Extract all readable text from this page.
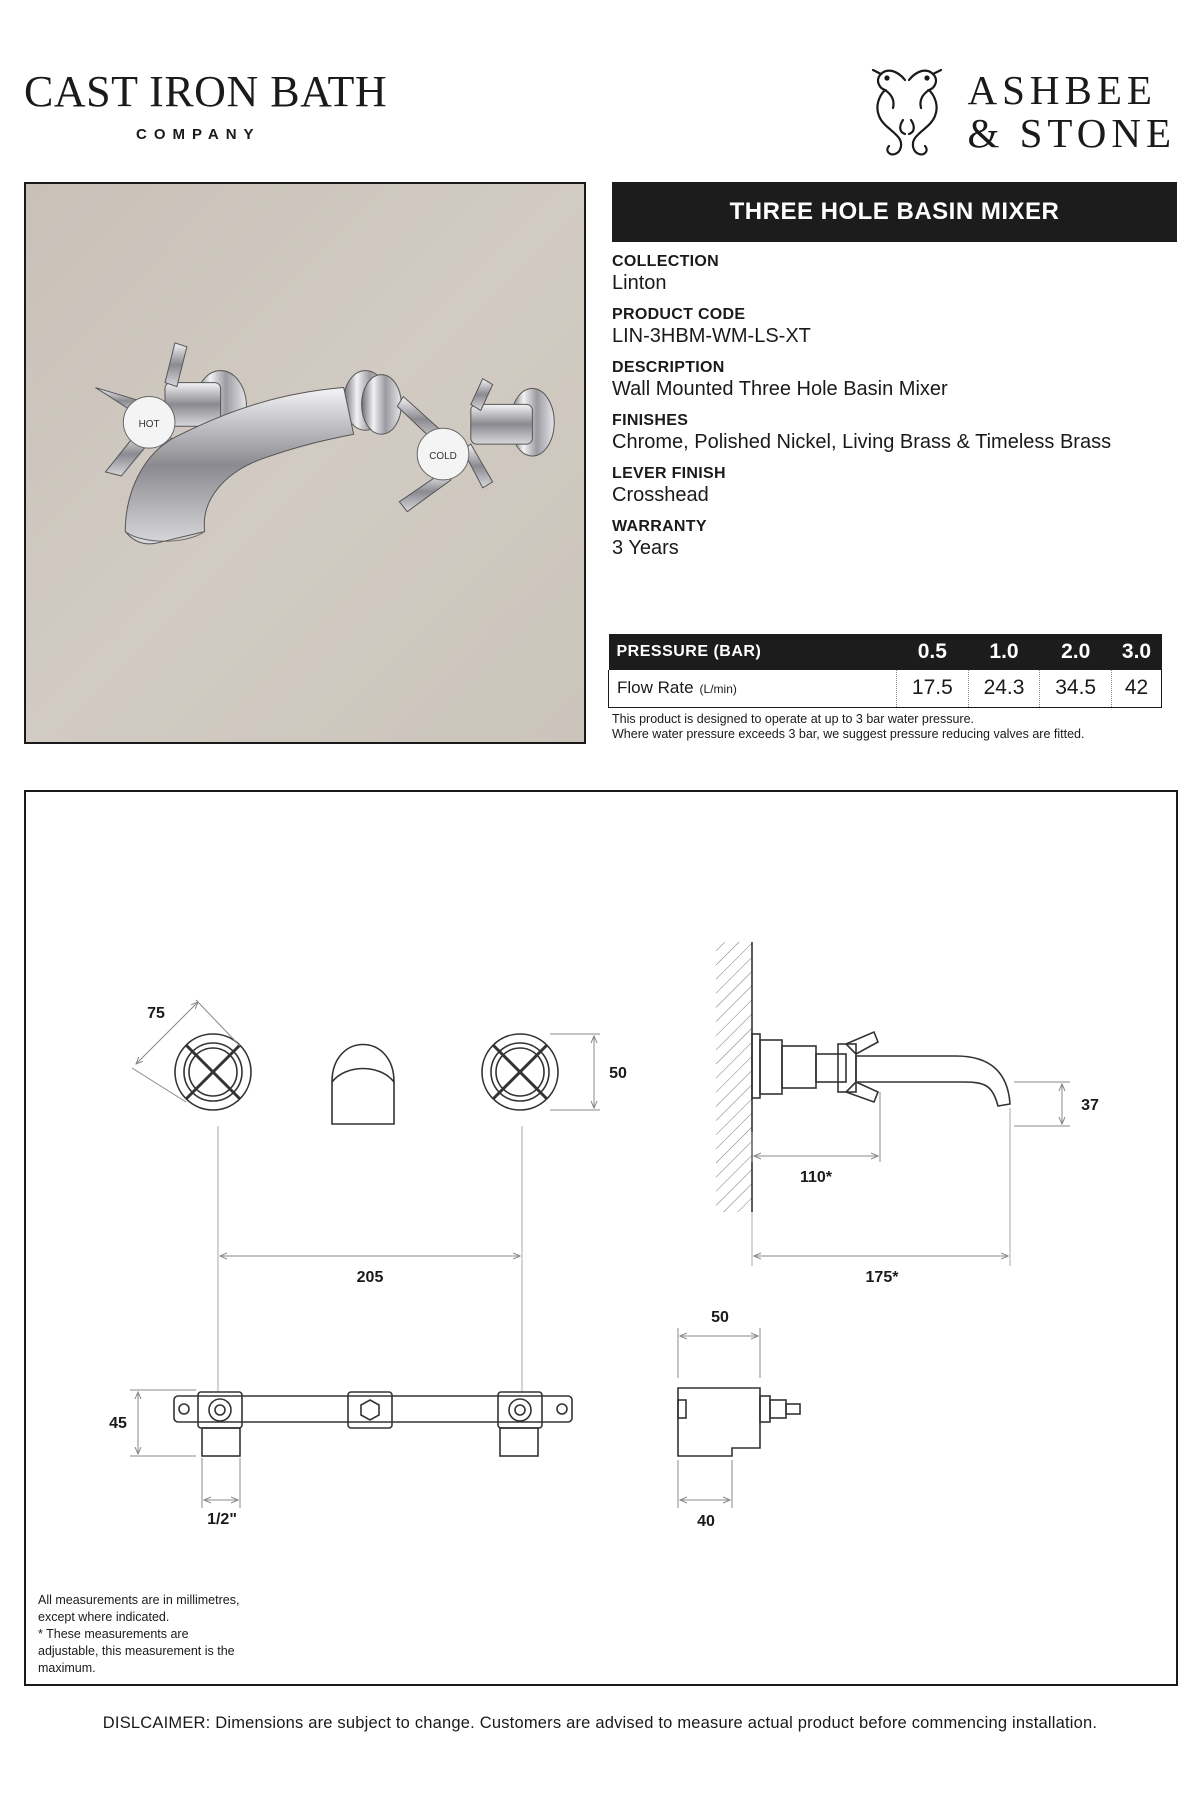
CAST IRON BATH
COMPANY
ASHBEE
& STONE
HOT
COLD
THREE HOLE BASIN MIXER
COLLECTION
Linton
PRODUCT CODE
LIN-3HBM-WM-LS-XT
DESCRIPTION
Wall Mounted Three Hole Basin Mixer
FINISHES
Chrome, Polished Nickel, Living Brass & Timeless Brass
LEVER FINISH
Crosshead
WARRANTY
3 Years
PRESSURE (BAR)	0.5	1.0	2.0	3.0
Flow Rate (L/min)	17.5	24.3	34.5	42
This product is designed to operate at up to 3 bar water pressure.
Where water pressure exceeds 3 bar, we suggest pressure reducing valves are fitted.
75
50
205
37
110*
175*
45
1/2"
50
40
All measurements are in millimetres,
except where indicated.
* These measurements are
adjustable, this measurement is the
maximum.
DISLCAIMER: Dimensions are subject to change. Customers are advised to measure actual product before commencing installation.
